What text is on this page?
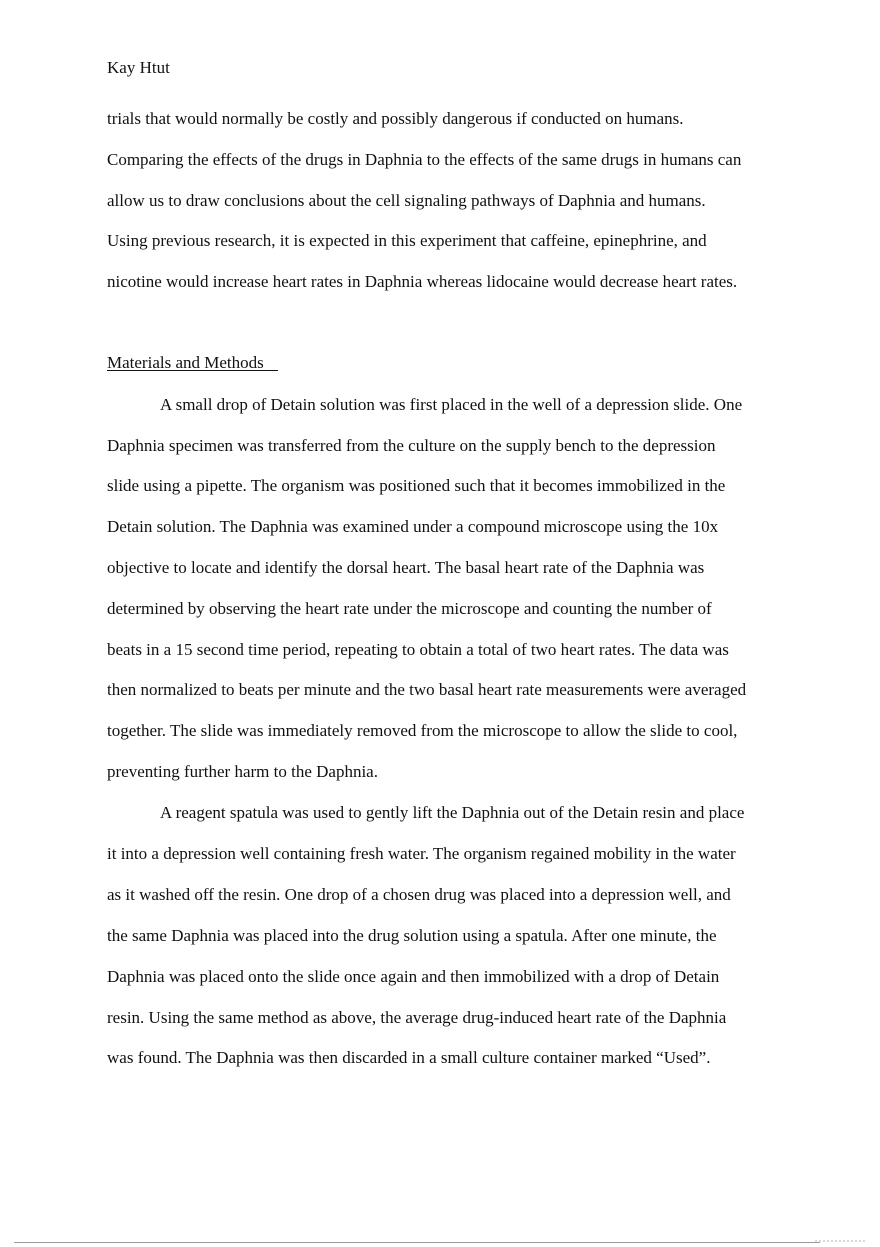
Kay Htut
trials that would normally be costly and possibly dangerous if conducted on humans.
Comparing the effects of the drugs in Daphnia to the effects of the same drugs in humans can
allow us to draw conclusions about the cell signaling pathways of Daphnia and humans.
Using previous research, it is expected in this experiment that caffeine, epinephrine, and
nicotine would increase heart rates in Daphnia whereas lidocaine would decrease heart rates.
Materials and Methods
A small drop of Detain solution was first placed in the well of a depression slide. One
Daphnia specimen was transferred from the culture on the supply bench to the depression
slide using a pipette. The organism was positioned such that it becomes immobilized in the
Detain solution. The Daphnia was examined under a compound microscope using the 10x
objective to locate and identify the dorsal heart. The basal heart rate of the Daphnia was
determined by observing the heart rate under the microscope and counting the number of
beats in a 15 second time period, repeating to obtain a total of two heart rates. The data was
then normalized to beats per minute and the two basal heart rate measurements were averaged
together. The slide was immediately removed from the microscope to allow the slide to cool,
preventing further harm to the Daphnia.
A reagent spatula was used to gently lift the Daphnia out of the Detain resin and place
it into a depression well containing fresh water. The organism regained mobility in the water
as it washed off the resin. One drop of a chosen drug was placed into a depression well, and
the same Daphnia was placed into the drug solution using a spatula. After one minute, the
Daphnia was placed onto the slide once again and then immobilized with a drop of Detain
resin. Using the same method as above, the average drug-induced heart rate of the Daphnia
was found. The Daphnia was then discarded in a small culture container marked “Used”.
